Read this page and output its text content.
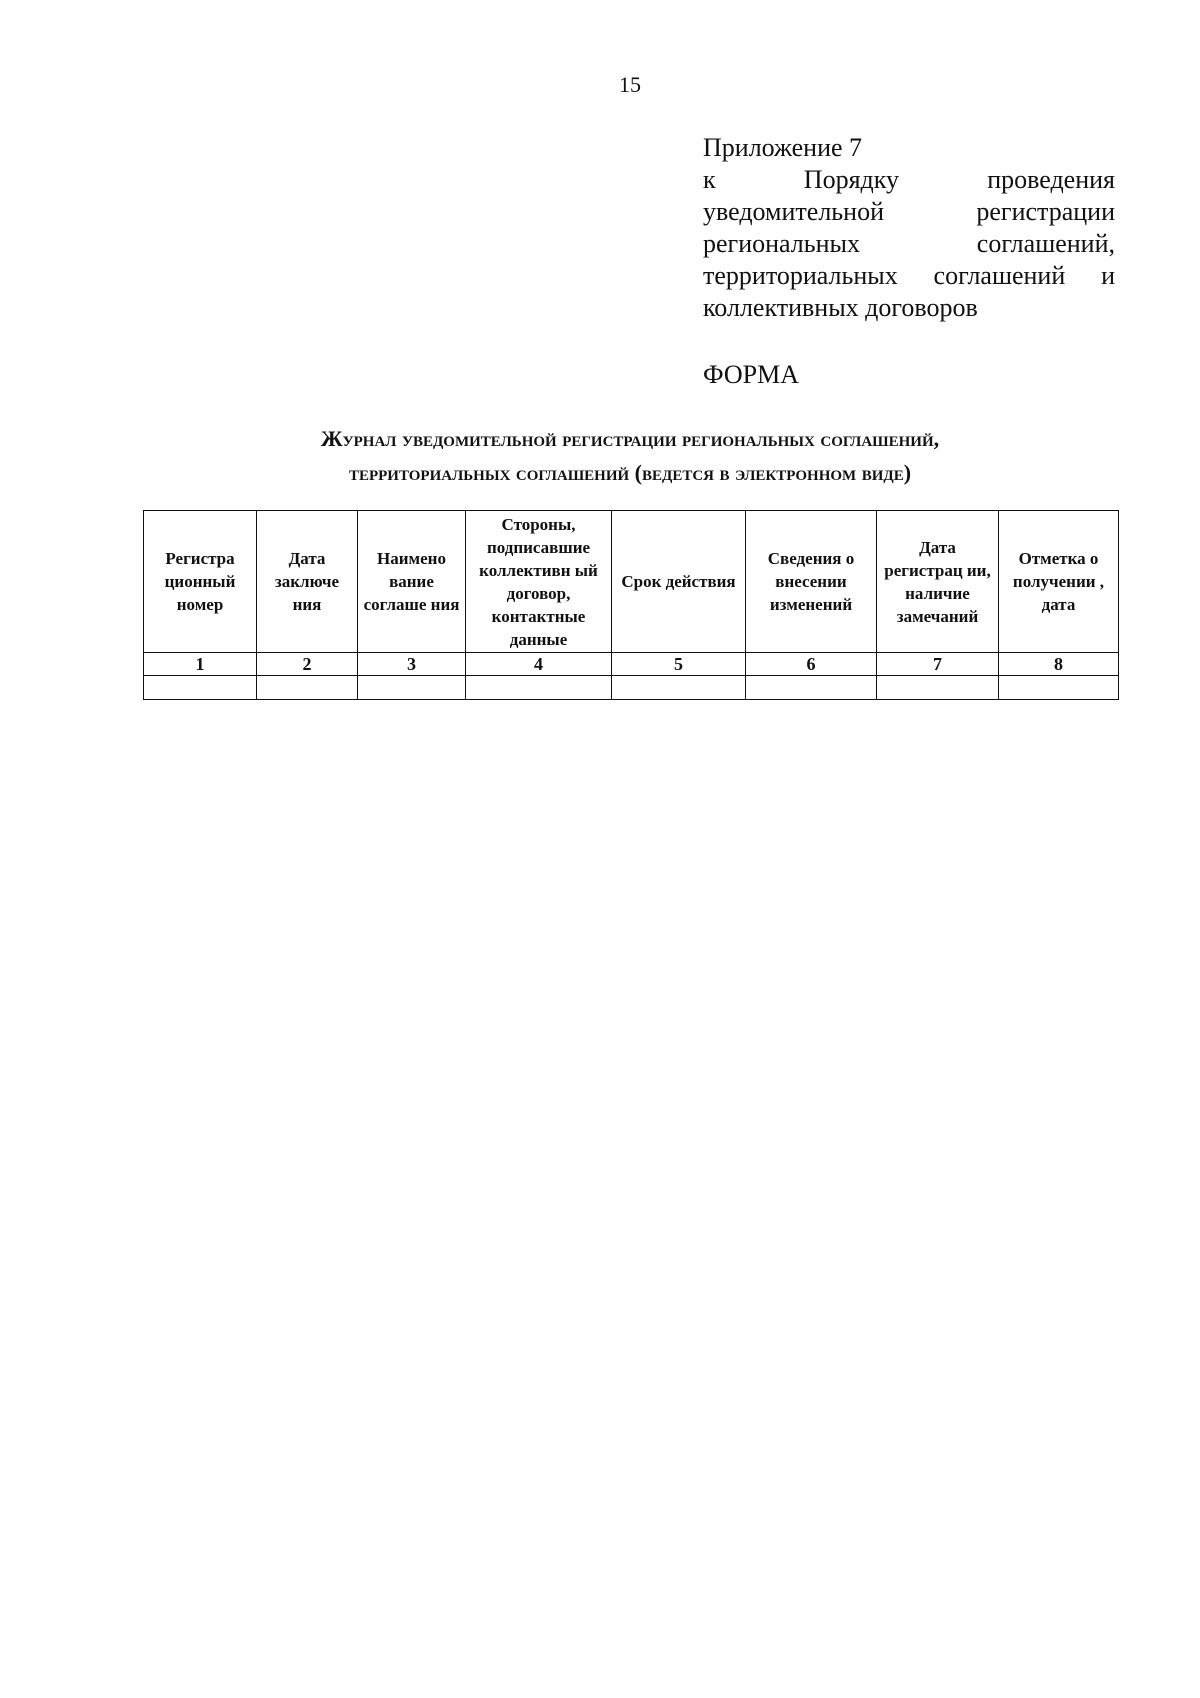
15
Приложение 7
к Порядку проведения уведомительной регистрации региональных соглашений, территориальных соглашений и коллективных договоров
ФОРМА
Журнал уведомительной регистрации региональных соглашений,
территориальных соглашений (ведется в электронном виде)
Регистра ционный номер	Дата заключе ния	Наимено вание соглаше ния	Стороны, подписавшие коллективн ый договор, контактные данные	Срок действия	Сведения о внесении изменений	Дата регистрац ии, наличие замечаний	Отметка о получении , дата
1	2	3	4	5	6	7	8
